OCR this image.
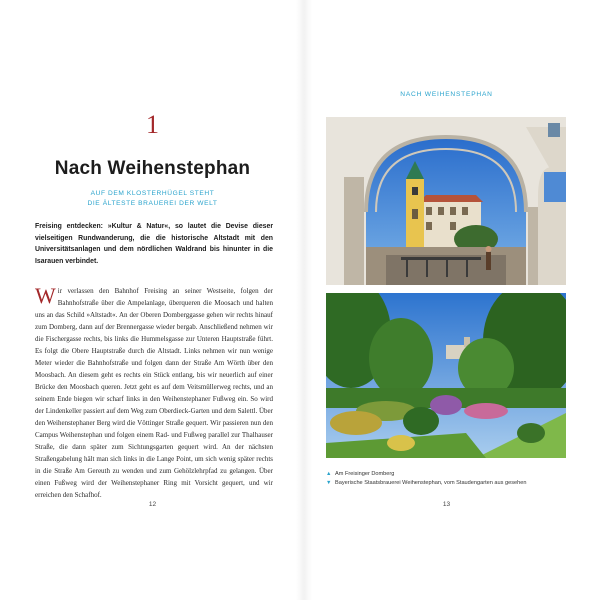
1
Nach Weihenstephan
AUF DEM KLOSTERHÜGEL STEHT
DIE ÄLTESTE BRAUEREI DER WELT

Freising entdecken: »Kultur & Natur«, so lautet die Devise dieser vielseitigen Rundwanderung, die die historische Altstadt mit den Universitätsanlagen und dem nördlichen Waldrand bis hinunter in die Isarauen verbindet.

Wir verlassen den Bahnhof Freising an seiner Westseite, folgen der Bahnhofstraße über die Ampelanlage, überqueren die Moosach und halten uns an das Schild »Altstadt«. An der Oberen Domberggasse gehen wir rechts hinauf zum Domberg, dann auf der Brennergasse wieder bergab. Anschließend nehmen wir die Fischergasse rechts, bis links die Hummelsgasse zur Unteren Hauptstraße führt. Es folgt die Obere Hauptstraße durch die Altstadt. Links nehmen wir nun wenige Meter wieder die Bahnhofstraße und folgen dann der Straße Am Wörth über den Moosbach. An diesem geht es rechts ein Stück entlang, bis wir neuerlich auf einer Brücke den Moosbach queren. Jetzt geht es auf dem Veitsmüllerweg rechts, und an seinem Ende biegen wir scharf links in den Weihenstephaner Fußweg ein. So wird der Lindenkeller passiert auf dem Weg zum Oberdieck-Garten und dem Salettl. Über den Weihenstephaner Berg wird die Vöttinger Straße gequert. Wir passieren nun den Campus Weihenstephan und folgen einem Rad- und Fußweg parallel zur Thalhauser Straße, die dann später zum Sichtungsgarten gequert wird. An der nächsten Straßengabelung hält man sich links in die Lange Point, um sich wenig später rechts in die Straße Am Gereuth zu wenden und zum Gehölzlehrpfad zu gelangen. Über einen Fußweg wird der Weihenstephaner Ring mit Vorsicht gequert, und wir erreichen den Schafhof.

12
NACH WEIHENSTEPHAN
▲ Am Freisinger Domberg
▼ Bayerische Staatsbrauerei Weihenstephan, vom Staudengarten aus gesehen
13
